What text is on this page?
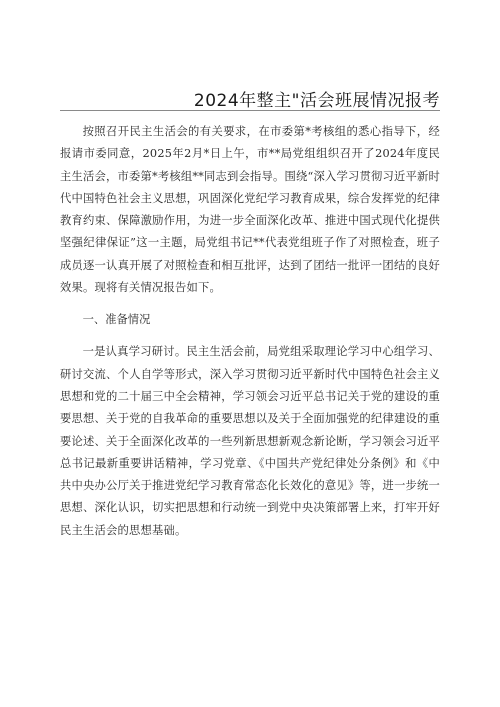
2024年整主"活会班展情况报考

按照召开民主生活会的有关要求，在市委第*考核组的悉心指导下，经报请市委同意，2025年2月*日上午，市**局党组组织召开了2024年度民主生活会，市委第*考核组**同志到会指导。围绕“深入学习贯彻习近平新时代中国特色社会主义思想，巩固深化党纪学习教育成果，综合发挥党的纪律教育约束、保障激励作用，为进一步全面深化改革、推进中国式现代化提供坚强纪律保证”这一主题，局党组书记**代表党组班子作了对照检查，班子成员逐一认真开展了对照检查和相互批评，达到了团结一批评一团结的良好效果。现将有关情况报告如下。

一、准备情况

一是认真学习研讨。民主生活会前，局党组采取理论学习中心组学习、研讨交流、个人自学等形式，深入学习贯彻习近平新时代中国特色社会主义思想和党的二十届三中全会精神，学习领会习近平总书记关于党的建设的重要思想、关于党的自我革命的重要思想以及关于全面加强党的纪律建设的重要论述、关于全面深化改革的一些列新思想新观念新论断，学习领会习近平总书记最新重要讲话精神，学习党章、《中国共产党纪律处分条例》和《中共中央办公厅关于推进党纪学习教育常态化长效化的意见》等，进一步统一思想、深化认识，切实把思想和行动统一到党中央决策部署上来，打牢开好民主生活会的思想基础。
